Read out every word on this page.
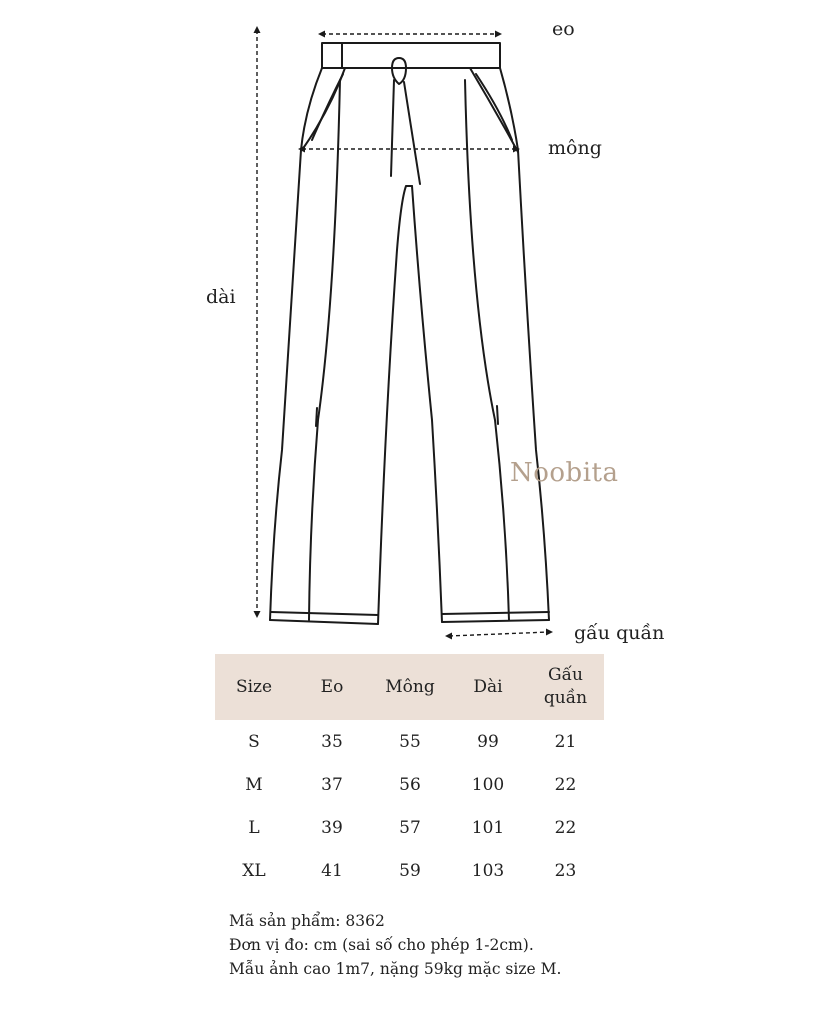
eo
mông
dài
gấu quần
Noobita
Size	Eo	Mông	Dài	Gấu quần
S	35	55	99	21
M	37	56	100	22
L	39	57	101	22
XL	41	59	103	23
Mã sản phẩm: 8362
Đơn vị đo: cm (sai số cho phép 1-2cm).
Mẫu ảnh cao 1m7, nặng 59kg mặc size M.
